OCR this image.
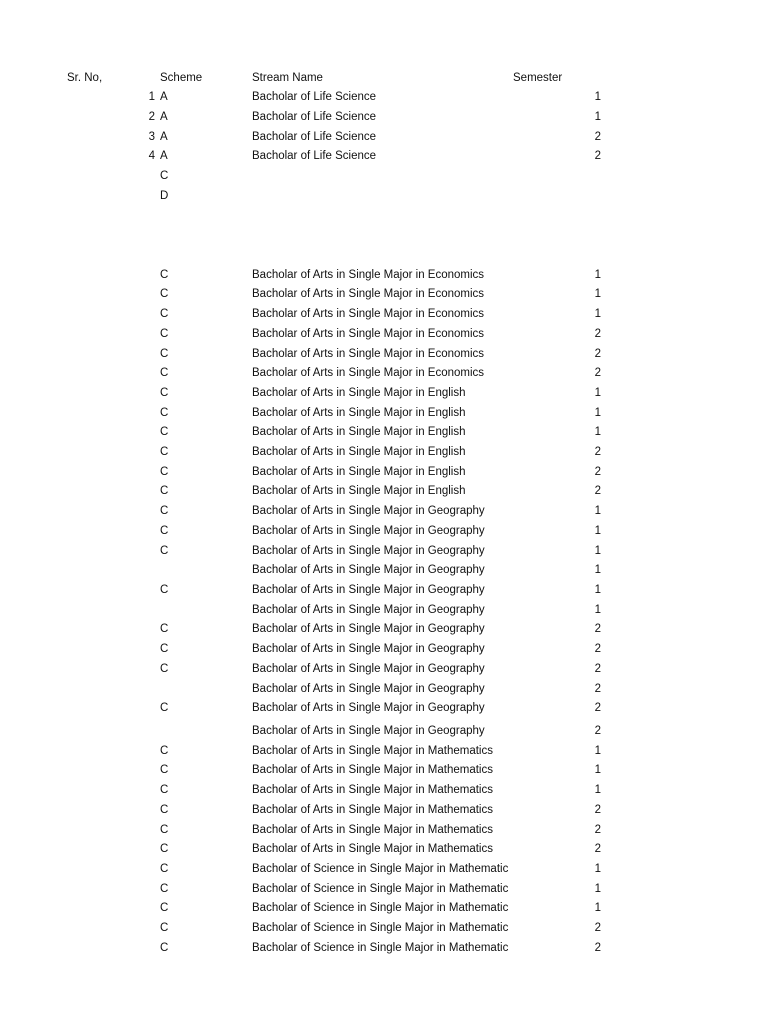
Sr. No,	Scheme	Stream Name	Semester
1 A	Bacholar of Life Science	1
2 A	Bacholar of Life Science	1
3 A	Bacholar of Life Science	2
4 A	Bacholar of Life Science	2
C
D
C	Bacholar of Arts in Single Major in Economics	1
C	Bacholar of Arts in Single Major in Economics	1
C	Bacholar of Arts in Single Major in Economics	1
C	Bacholar of Arts in Single Major in Economics	2
C	Bacholar of Arts in Single Major in Economics	2
C	Bacholar of Arts in Single Major in Economics	2
C	Bacholar of Arts in Single Major in English	1
C	Bacholar of Arts in Single Major in English	1
C	Bacholar of Arts in Single Major in English	1
C	Bacholar of Arts in Single Major in English	2
C	Bacholar of Arts in Single Major in English	2
C	Bacholar of Arts in Single Major in English	2
C	Bacholar of Arts in Single Major in Geography	1
C	Bacholar of Arts in Single Major in Geography	1
C	Bacholar of Arts in Single Major in Geography	1
Bacholar of Arts in Single Major in Geography	1
C	Bacholar of Arts in Single Major in Geography	1
Bacholar of Arts in Single Major in Geography	1
C	Bacholar of Arts in Single Major in Geography	2
C	Bacholar of Arts in Single Major in Geography	2
C	Bacholar of Arts in Single Major in Geography	2
Bacholar of Arts in Single Major in Geography	2
C	Bacholar of Arts in Single Major in Geography	2
Bacholar of Arts in Single Major in Geography	2
C	Bacholar of Arts in Single Major in Mathematics	1
C	Bacholar of Arts in Single Major in Mathematics	1
C	Bacholar of Arts in Single Major in Mathematics	1
C	Bacholar of Arts in Single Major in Mathematics	2
C	Bacholar of Arts in Single Major in Mathematics	2
C	Bacholar of Arts in Single Major in Mathematics	2
C	Bacholar of Science in Single Major in Mathematic	1
C	Bacholar of Science in Single Major in Mathematic	1
C	Bacholar of Science in Single Major in Mathematic	1
C	Bacholar of Science in Single Major in Mathematic	2
C	Bacholar of Science in Single Major in Mathematic	2
